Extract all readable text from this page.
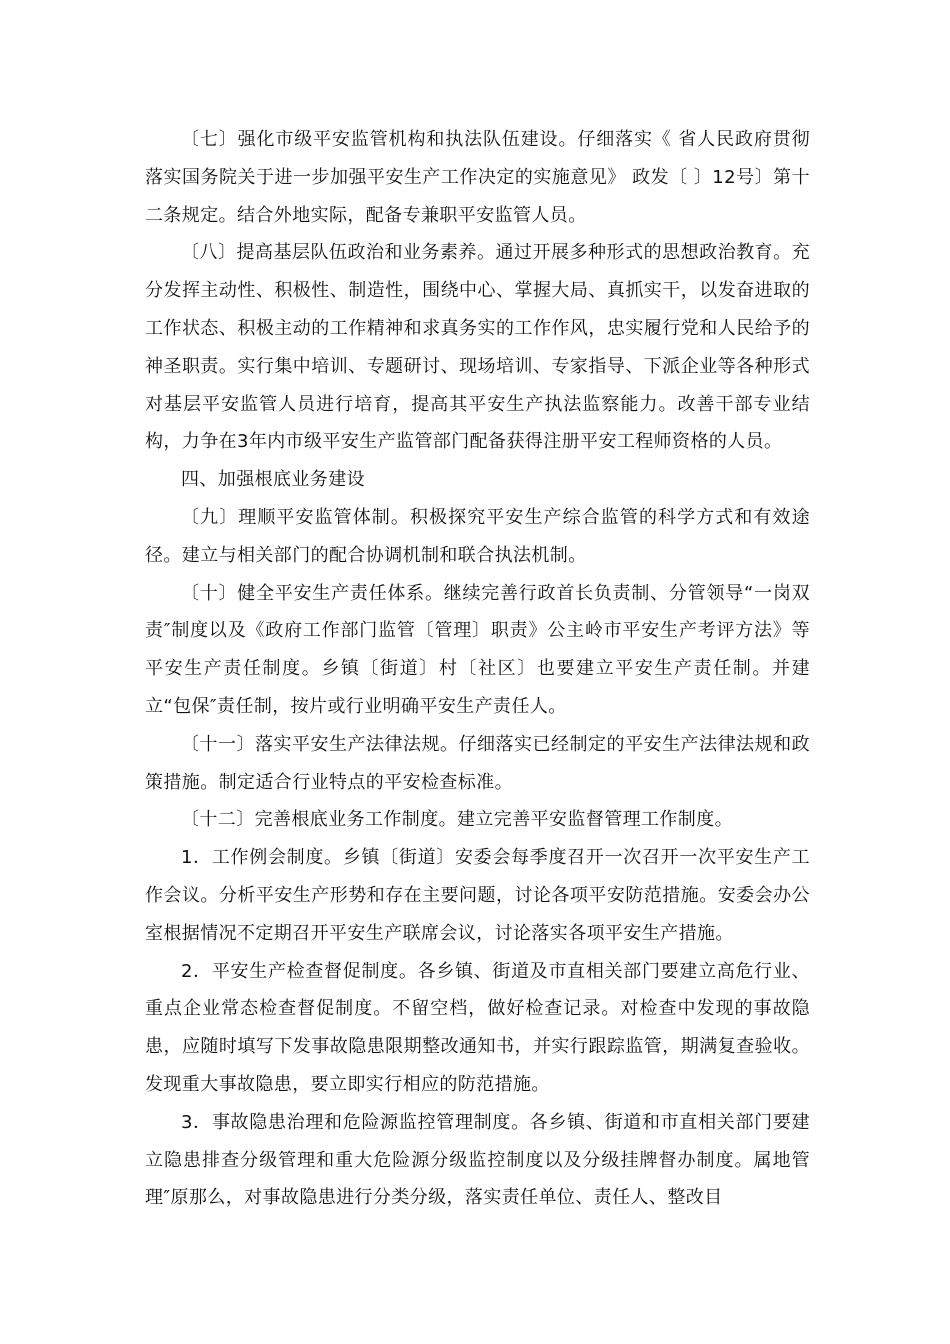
〔七〕强化市级平安监管机构和执法队伍建设。仔细落实《 省人民政府贯彻落实国务院关于进一步加强平安生产工作决定的实施意见》 政发〔 〕12号〕第十二条规定。结合外地实际，配备专兼职平安监管人员。

〔八〕提高基层队伍政治和业务素养。通过开展多种形式的思想政治教育。充分发挥主动性、积极性、制造性，围绕中心、掌握大局、真抓实干，以发奋进取的工作状态、积极主动的工作精神和求真务实的工作作风，忠实履行党和人民给予的神圣职责。实行集中培训、专题研讨、现场培训、专家指导、下派企业等各种形式对基层平安监管人员进行培育，提高其平安生产执法监察能力。改善干部专业结构，力争在3年内市级平安生产监管部门配备获得注册平安工程师资格的人员。

四、加强根底业务建设

〔九〕理顺平安监管体制。积极探究平安生产综合监管的科学方式和有效途径。建立与相关部门的配合协调机制和联合执法机制。

〔十〕健全平安生产责任体系。继续完善行政首长负责制、分管领导“一岗双责″制度以及《政府工作部门监管〔管理〕职责》公主岭市平安生产考评方法》等平安生产责任制度。乡镇〔街道〕村〔社区〕也要建立平安生产责任制。并建立“包保″责任制，按片或行业明确平安生产责任人。

〔十一〕落实平安生产法律法规。仔细落实已经制定的平安生产法律法规和政策措施。制定适合行业特点的平安检查标准。

〔十二〕完善根底业务工作制度。建立完善平安监督管理工作制度。

1．工作例会制度。乡镇〔街道〕安委会每季度召开一次召开一次平安生产工作会议。分析平安生产形势和存在主要问题，讨论各项平安防范措施。安委会办公室根据情况不定期召开平安生产联席会议，讨论落实各项平安生产措施。

2．平安生产检查督促制度。各乡镇、街道及市直相关部门要建立高危行业、重点企业常态检查督促制度。不留空档，做好检查记录。对检查中发现的事故隐患，应随时填写下发事故隐患限期整改通知书，并实行跟踪监管，期满复查验收。发现重大事故隐患，要立即实行相应的防范措施。

3．事故隐患治理和危险源监控管理制度。各乡镇、街道和市直相关部门要建立隐患排查分级管理和重大危险源分级监控制度以及分级挂牌督办制度。属地管理″原那么，对事故隐患进行分类分级，落实责任单位、责任人、整改目
